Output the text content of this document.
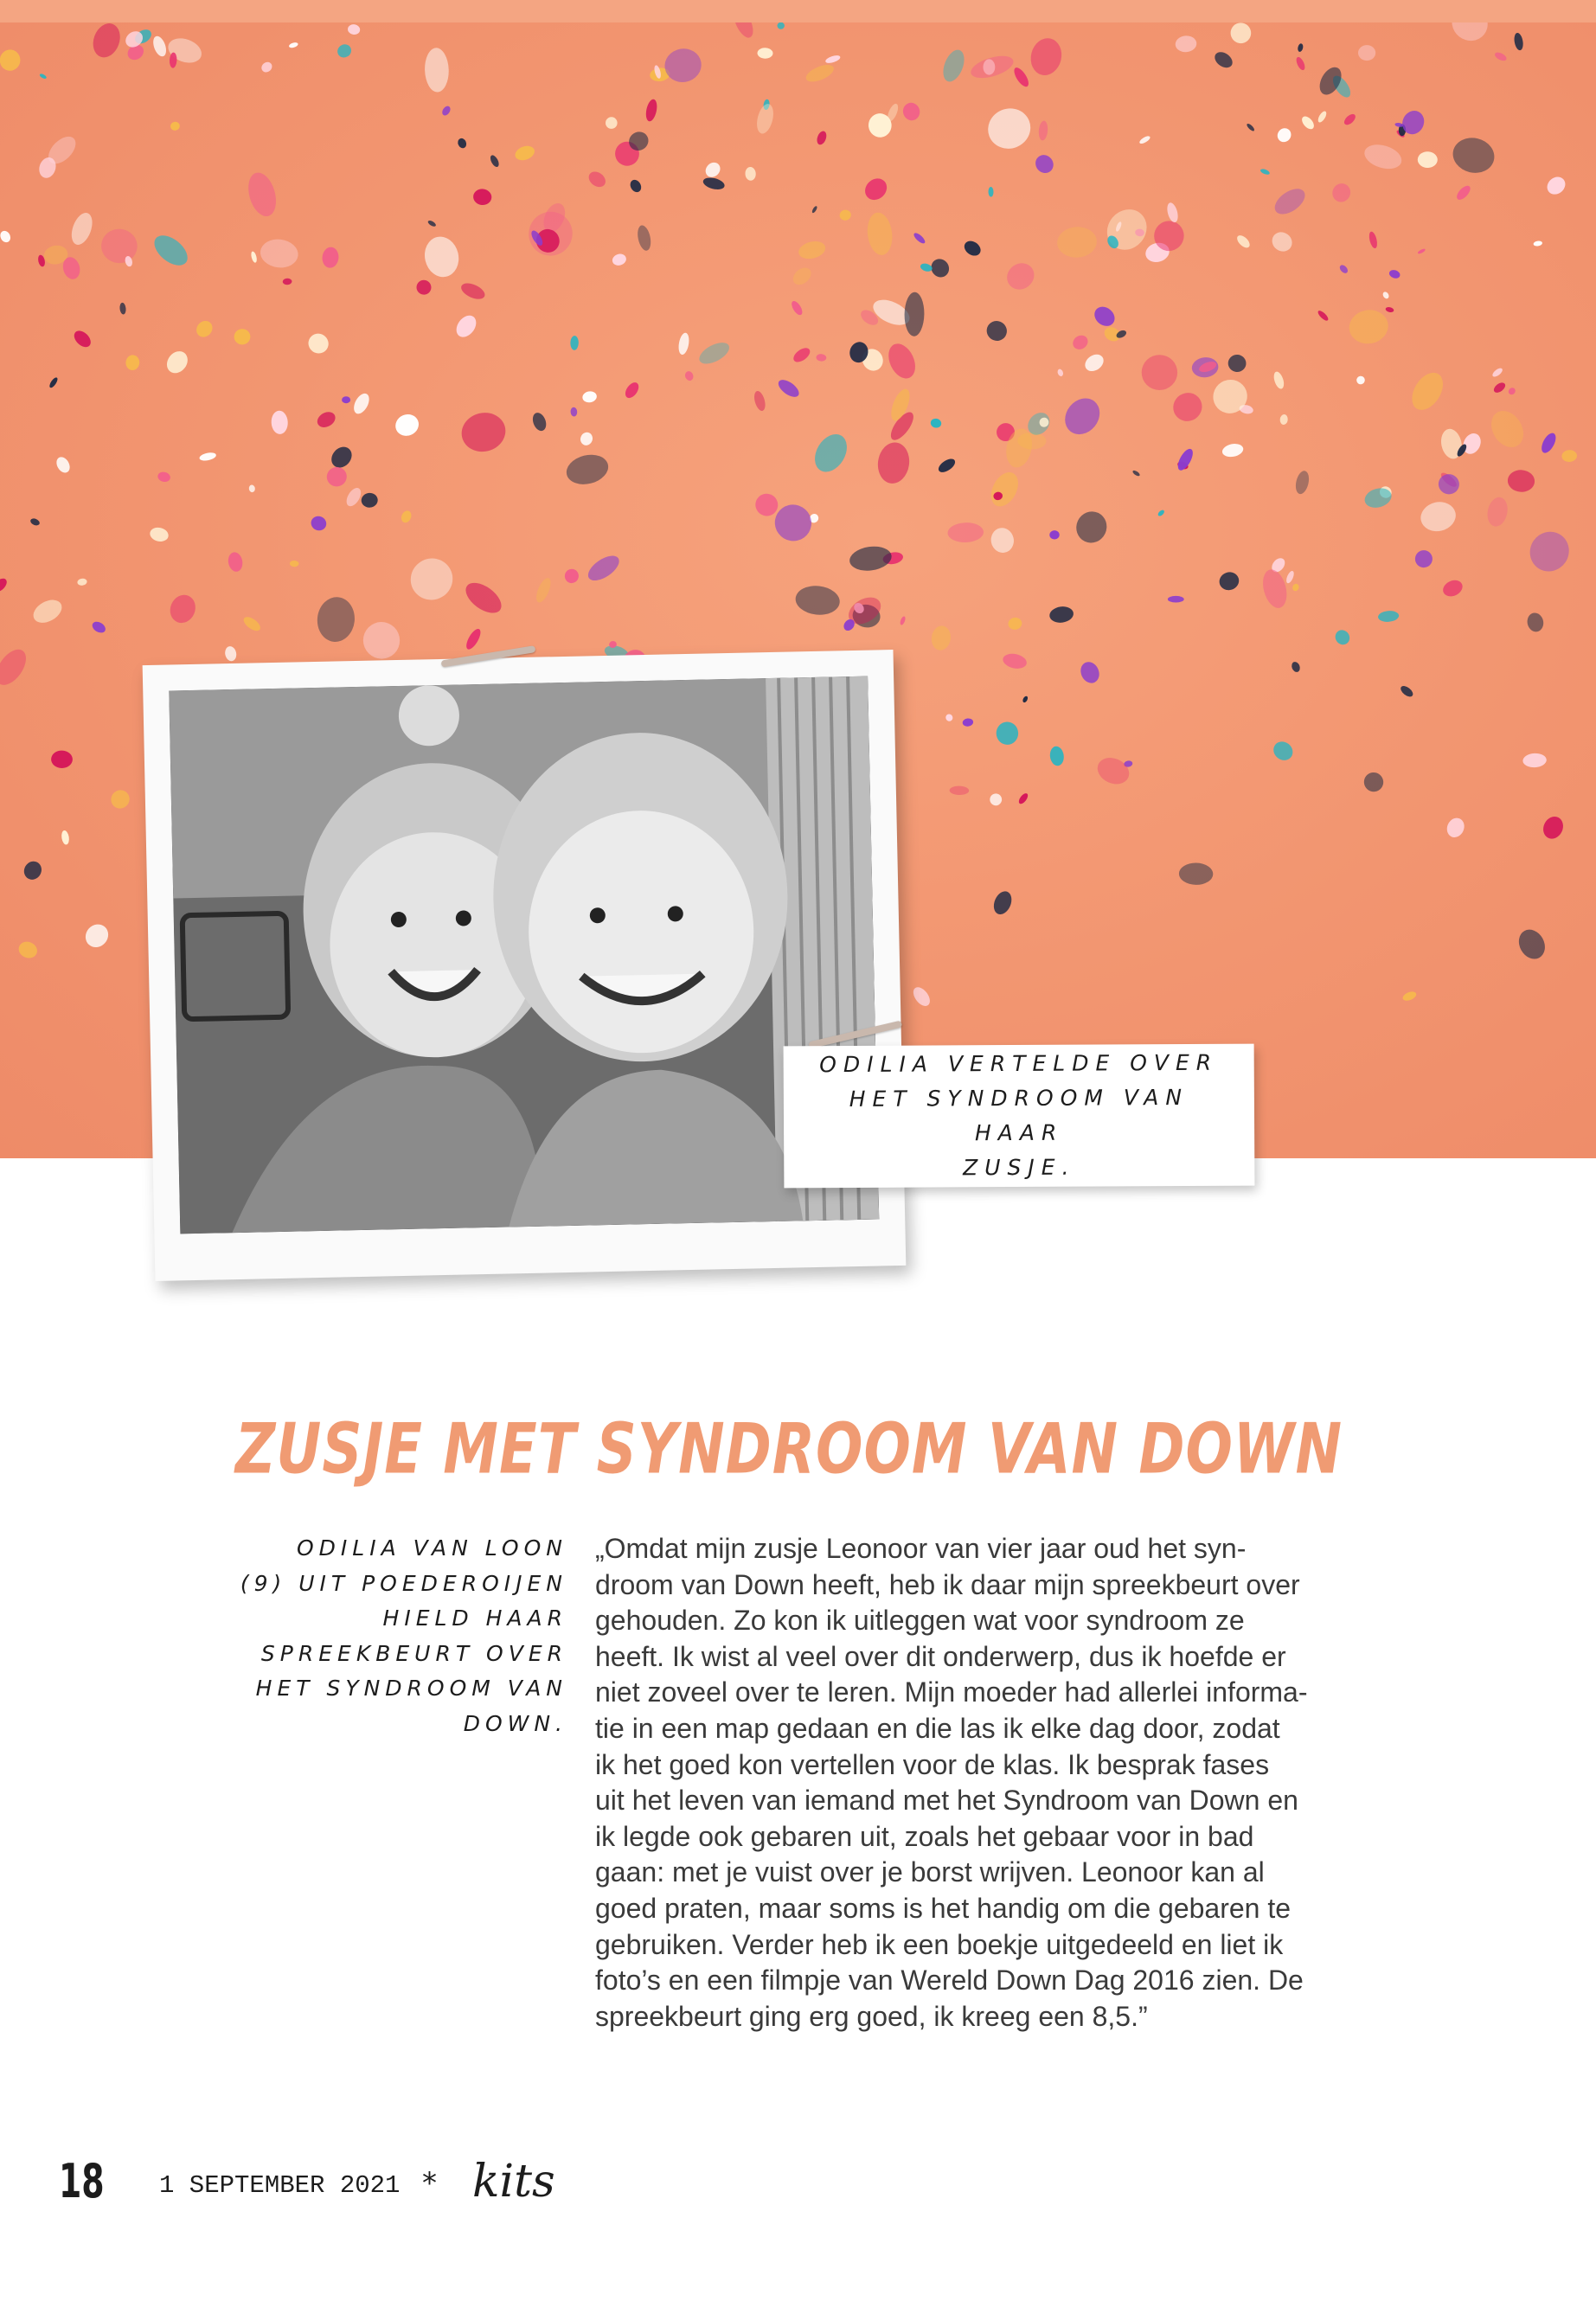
ODILIA VERTELDE OVER
HET SYNDROOM VAN HAAR
ZUSJE.
ZUSJE MET SYNDROOM VAN DOWN
ODILIA VAN LOON
(9) UIT POEDEROIJEN
HIELD HAAR
SPREEKBEURT OVER
HET SYNDROOM VAN
DOWN.
„Omdat mijn zusje Leonoor van vier jaar oud het syn-
droom van Down heeft, heb ik daar mijn spreekbeurt over
gehouden. Zo kon ik uitleggen wat voor syndroom ze
heeft. Ik wist al veel over dit onderwerp, dus ik hoefde er
niet zoveel over te leren. Mijn moeder had allerlei informa-
tie in een map gedaan en die las ik elke dag door, zodat
ik het goed kon vertellen voor de klas. Ik besprak fases
uit het leven van iemand met het Syndroom van Down en
ik legde ook gebaren uit, zoals het gebaar voor in bad
gaan: met je vuist over je borst wrijven. Leonoor kan al
goed praten, maar soms is het handig om die gebaren te
gebruiken. Verder heb ik een boekje uitgedeeld en liet ik
foto’s en een filmpje van Wereld Down Dag 2016 zien. De
spreekbeurt ging erg goed, ik kreeg een 8,5.”
18 1 SEPTEMBER 2021 * kits
